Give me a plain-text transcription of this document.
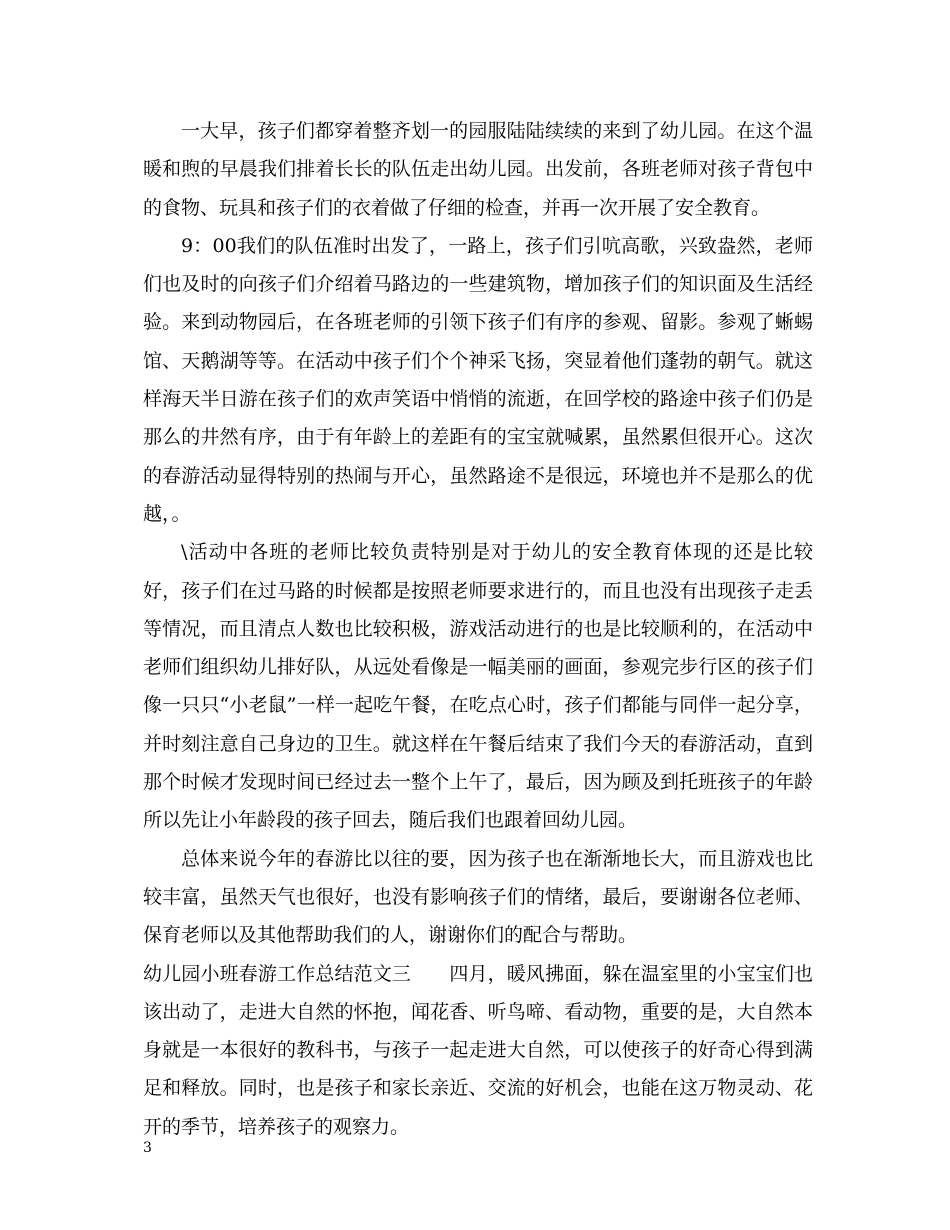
一大早，孩子们都穿着整齐划一的园服陆陆续续的来到了幼儿园。在这个温暖和煦的早晨我们排着长长的队伍走出幼儿园。出发前，各班老师对孩子背包中的食物、玩具和孩子们的衣着做了仔细的检查，并再一次开展了安全教育。

9：00我们的队伍准时出发了，一路上，孩子们引吭高歌，兴致盎然，老师们也及时的向孩子们介绍着马路边的一些建筑物，增加孩子们的知识面及生活经验。来到动物园后，在各班老师的引领下孩子们有序的参观、留影。参观了蜥蜴馆、天鹅湖等等。在活动中孩子们个个神采飞扬，突显着他们蓬勃的朝气。就这样海天半日游在孩子们的欢声笑语中悄悄的流逝，在回学校的路途中孩子们仍是那么的井然有序，由于有年龄上的差距有的宝宝就喊累，虽然累但很开心。这次的春游活动显得特别的热闹与开心，虽然路途不是很远，环境也并不是那么的优越，。

\活动中各班的老师比较负责特别是对于幼儿的安全教育体现的还是比较好，孩子们在过马路的时候都是按照老师要求进行的，而且也没有出现孩子走丢等情况，而且清点人数也比较积极，游戏活动进行的也是比较顺利的，在活动中老师们组织幼儿排好队，从远处看像是一幅美丽的画面，参观完步行区的孩子们像一只只“小老鼠”一样一起吃午餐，在吃点心时，孩子们都能与同伴一起分享，并时刻注意自己身边的卫生。就这样在午餐后结束了我们今天的春游活动，直到那个时候才发现时间已经过去一整个上午了，最后，因为顾及到托班孩子的年龄所以先让小年龄段的孩子回去，随后我们也跟着回幼儿园。

总体来说今年的春游比以往的要，因为孩子也在渐渐地长大，而且游戏也比较丰富，虽然天气也很好，也没有影响孩子们的情绪，最后，要谢谢各位老师、保育老师以及其他帮助我们的人，谢谢你们的配合与帮助。

幼儿园小班春游工作总结范文三　　四月，暖风拂面，躲在温室里的小宝宝们也该出动了，走进大自然的怀抱，闻花香、听鸟啼、看动物，重要的是，大自然本身就是一本很好的教科书，与孩子一起走进大自然，可以使孩子的好奇心得到满足和释放。同时，也是孩子和家长亲近、交流的好机会，也能在这万物灵动、花开的季节，培养孩子的观察力。

3
